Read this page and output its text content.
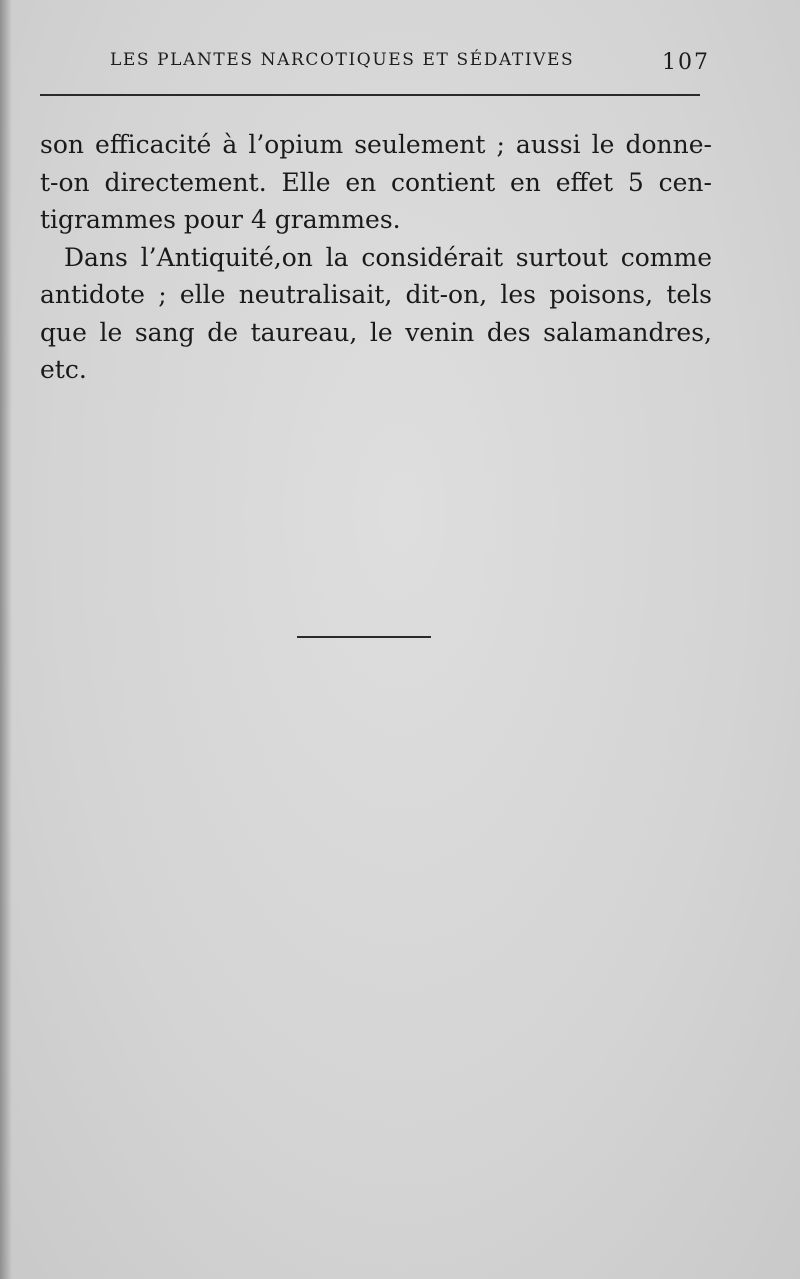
LES PLANTES NARCOTIQUES ET SÉDATIVES	107
son efficacité à l’opium seulement ; aussi le donne-
t-on directement. Elle en contient en effet 5 cen-
tigrammes pour 4 grammes.
Dans l’Antiquité,on la considérait surtout comme
antidote ; elle neutralisait, dit-on, les poisons, tels
que le sang de taureau, le venin des salamandres,
etc.
